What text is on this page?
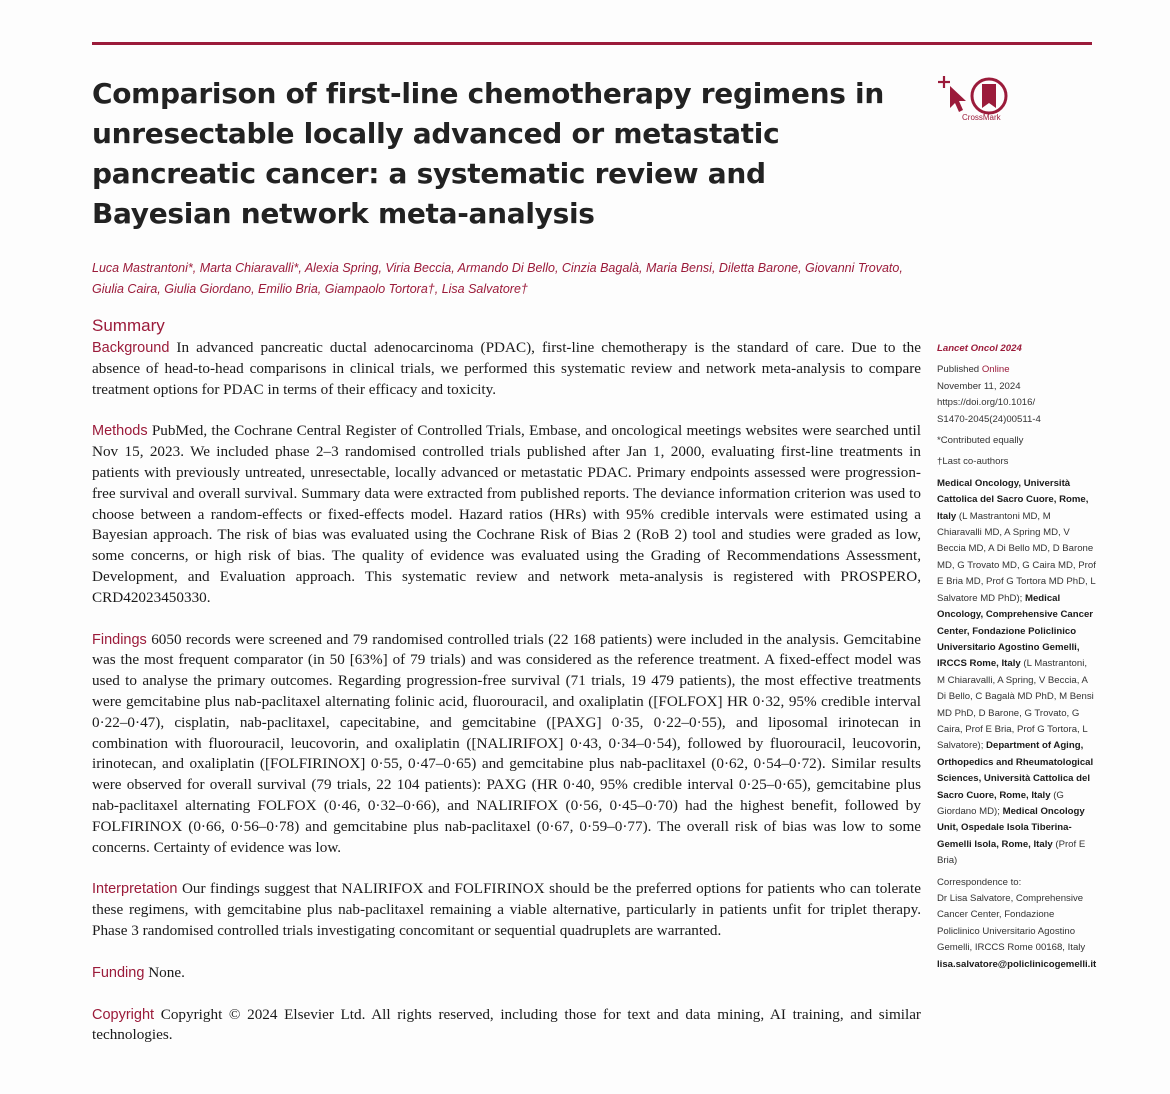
Comparison of first-line chemotherapy regimens in unresectable locally advanced or metastatic pancreatic cancer: a systematic review and Bayesian network meta-analysis
CrossMark
Luca Mastrantoni*, Marta Chiaravalli*, Alexia Spring, Viria Beccia, Armando Di Bello, Cinzia Bagalà, Maria Bensi, Diletta Barone, Giovanni Trovato, Giulia Caira, Giulia Giordano, Emilio Bria, Giampaolo Tortora†, Lisa Salvatore†
Summary

Background In advanced pancreatic ductal adenocarcinoma (PDAC), first-line chemotherapy is the standard of care. Due to the absence of head-to-head comparisons in clinical trials, we performed this systematic review and network meta-analysis to compare treatment options for PDAC in terms of their efficacy and toxicity.

Methods PubMed, the Cochrane Central Register of Controlled Trials, Embase, and oncological meetings websites were searched until Nov 15, 2023. We included phase 2–3 randomised controlled trials published after Jan 1, 2000, evaluating first-line treatments in patients with previously untreated, unresectable, locally advanced or metastatic PDAC. Primary endpoints assessed were progression-free survival and overall survival. Summary data were extracted from published reports. The deviance information criterion was used to choose between a random-effects or fixed-effects model. Hazard ratios (HRs) with 95% credible intervals were estimated using a Bayesian approach. The risk of bias was evaluated using the Cochrane Risk of Bias 2 (RoB 2) tool and studies were graded as low, some concerns, or high risk of bias. The quality of evidence was evaluated using the Grading of Recommendations Assessment, Development, and Evaluation approach. This systematic review and network meta-analysis is registered with PROSPERO, CRD42023450330.

Findings 6050 records were screened and 79 randomised controlled trials (22 168 patients) were included in the analysis. Gemcitabine was the most frequent comparator (in 50 [63%] of 79 trials) and was considered as the reference treatment. A fixed-effect model was used to analyse the primary outcomes. Regarding progression-free survival (71 trials, 19 479 patients), the most effective treatments were gemcitabine plus nab-paclitaxel alternating folinic acid, fluorouracil, and oxaliplatin ([FOLFOX] HR 0·32, 95% credible interval 0·22–0·47), cisplatin, nab-paclitaxel, capecitabine, and gemcitabine ([PAXG] 0·35, 0·22–0·55), and liposomal irinotecan in combination with fluorouracil, leucovorin, and oxaliplatin ([NALIRIFOX] 0·43, 0·34–0·54), followed by fluorouracil, leucovorin, irinotecan, and oxaliplatin ([FOLFIRINOX] 0·55, 0·47–0·65) and gemcitabine plus nab-paclitaxel (0·62, 0·54–0·72). Similar results were observed for overall survival (79 trials, 22 104 patients): PAXG (HR 0·40, 95% credible interval 0·25–0·65), gemcitabine plus nab-paclitaxel alternating FOLFOX (0·46, 0·32–0·66), and NALIRIFOX (0·56, 0·45–0·70) had the highest benefit, followed by FOLFIRINOX (0·66, 0·56–0·78) and gemcitabine plus nab-paclitaxel (0·67, 0·59–0·77). The overall risk of bias was low to some concerns. Certainty of evidence was low.

Interpretation Our findings suggest that NALIRIFOX and FOLFIRINOX should be the preferred options for patients who can tolerate these regimens, with gemcitabine plus nab-paclitaxel remaining a viable alternative, particularly in patients unfit for triplet therapy. Phase 3 randomised controlled trials investigating concomitant or sequential quadruplets are warranted.

Funding None.

Copyright Copyright © 2024 Elsevier Ltd. All rights reserved, including those for text and data mining, AI training, and similar technologies.

Lancet Oncol 2024
Published Online
November 11, 2024
https://doi.org/10.1016/
S1470-2045(24)00511-4
*Contributed equally
†Last co-authors
Medical Oncology, Università Cattolica del Sacro Cuore, Rome, Italy (L Mastrantoni MD, M Chiaravalli MD, A Spring MD, V Beccia MD, A Di Bello MD, D Barone MD, G Trovato MD, G Caira MD, Prof E Bria MD, Prof G Tortora MD PhD, L Salvatore MD PhD); Medical Oncology, Comprehensive Cancer Center, Fondazione Policlinico Universitario Agostino Gemelli, IRCCS Rome, Italy (L Mastrantoni, M Chiaravalli, A Spring, V Beccia, A Di Bello, C Bagalà MD PhD, M Bensi MD PhD, D Barone, G Trovato, G Caira, Prof E Bria, Prof G Tortora, L Salvatore); Department of Aging, Orthopedics and Rheumatological Sciences, Università Cattolica del Sacro Cuore, Rome, Italy (G Giordano MD); Medical Oncology Unit, Ospedale Isola Tiberina-Gemelli Isola, Rome, Italy (Prof E Bria)
Correspondence to:
Dr Lisa Salvatore, Comprehensive Cancer Center, Fondazione Policlinico Universitario Agostino Gemelli, IRCCS Rome 00168, Italy
lisa.salvatore@policlinicogemelli.it
